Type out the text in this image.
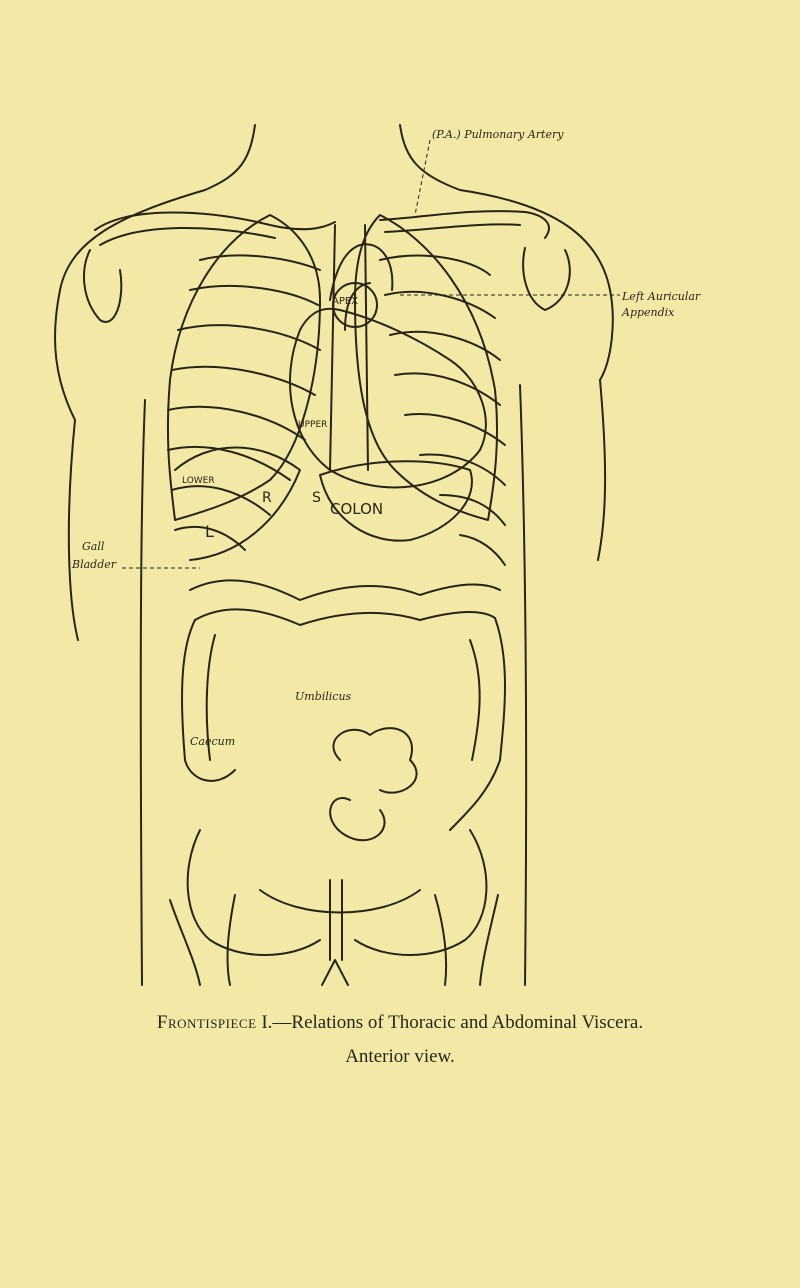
(P.A.) Pulmonary Artery
Left Auricular
Appendix
Gall
Bladder
Umbilicus
Caecum
APEX
LOWER
UPPER
L
COLON
R	S
Frontispiece I.—Relations of Thoracic and Abdominal Viscera.
Anterior view.
